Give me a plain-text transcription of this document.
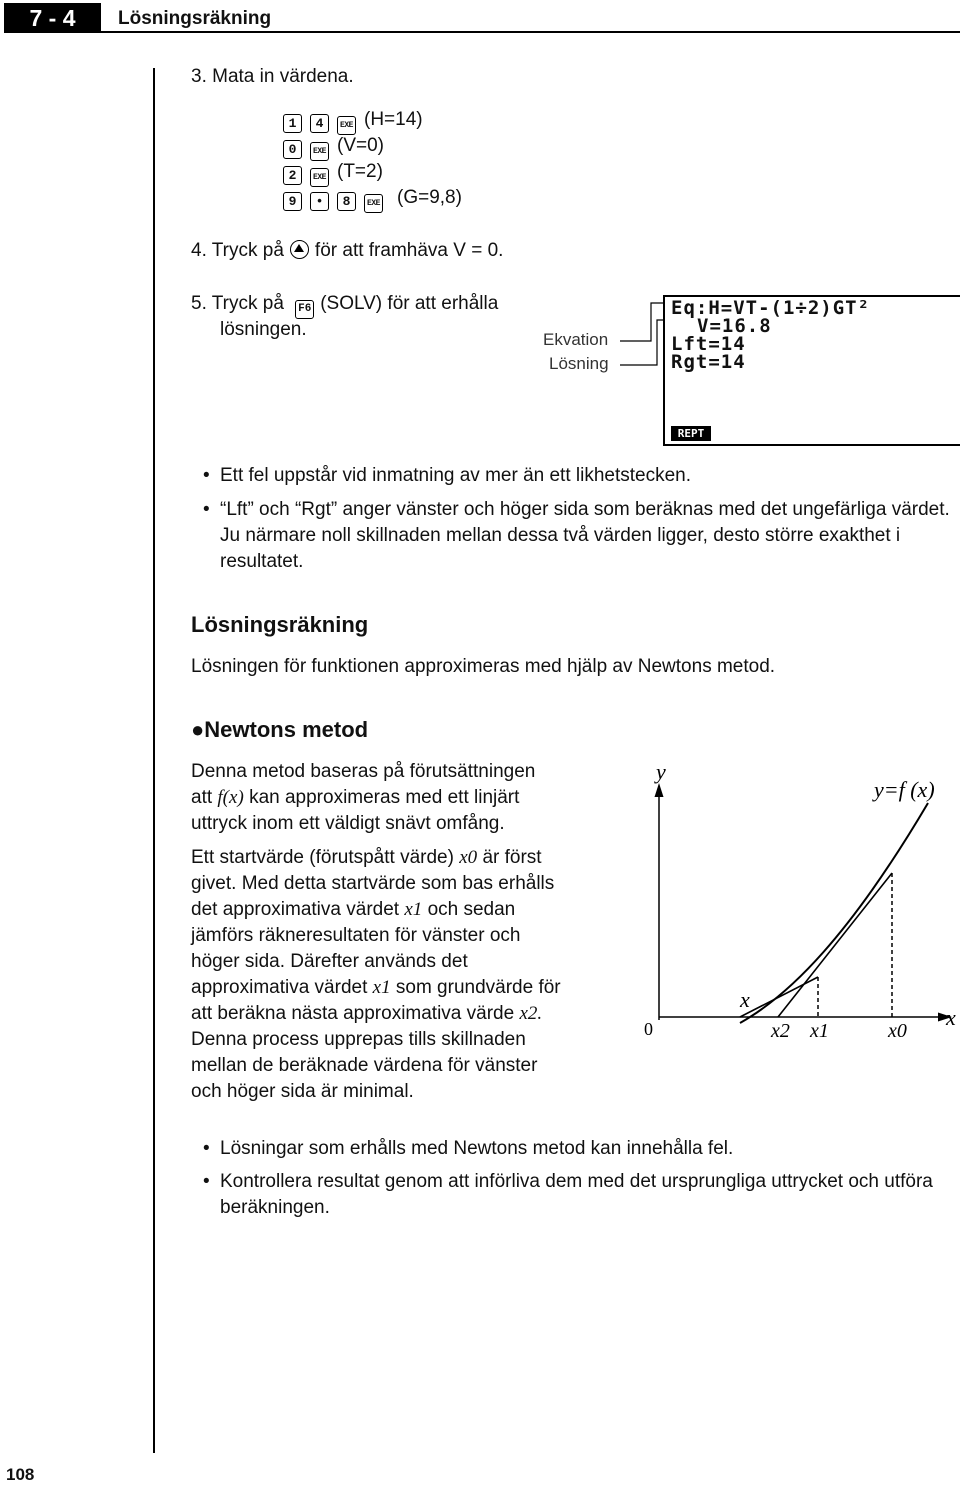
7 - 4	Lösningsräkning
3. Mata in värdena.
1 4 EXE (H=14)
0 EXE (V=0)
2 EXE (T=2)
9 • 8 EXE (G=9,8)
4. Tryck på för att framhäva V = 0.
5. Tryck på F6 (SOLV) för att erhålla
lösningen.	Ekvation
Lösning
Eq:H=VT-(1÷2)GT²
V=16.8
Lft=14
Rgt=14
REPT
• Ett fel uppstår vid inmatning av mer än ett likhetstecken.
• “Lft” och “Rgt” anger vänster och höger sida som beräknas med det ungefärliga värdet. Ju närmare noll skillnaden mellan dessa två värden ligger, desto större exakthet i resultatet.
Lösningsräkning
Lösningen för funktionen approximeras med hjälp av Newtons metod.
●Newtons metod
Denna metod baseras på förutsättningen
att f(x) kan approximeras med ett linjärt
uttryck inom ett väldigt snävt omfång.
Ett startvärde (förutspått värde) x0 är först
givet. Med detta startvärde som bas erhålls
det approximativa värdet x1 och sedan
jämförs räkneresultaten för vänster och
höger sida. Därefter används det
approximativa värdet x1 som grundvärde för
att beräkna nästa approximativa värde x2.
Denna process upprepas tills skillnaden
mellan de beräknade värdena för vänster
och höger sida är minimal.
y
y=f (x)
x
0
x
x2 x1	x0
• Lösningar som erhålls med Newtons metod kan innehålla fel.
• Kontrollera resultat genom att införliva dem med det ursprungliga uttrycket och utföra beräkningen.
108
